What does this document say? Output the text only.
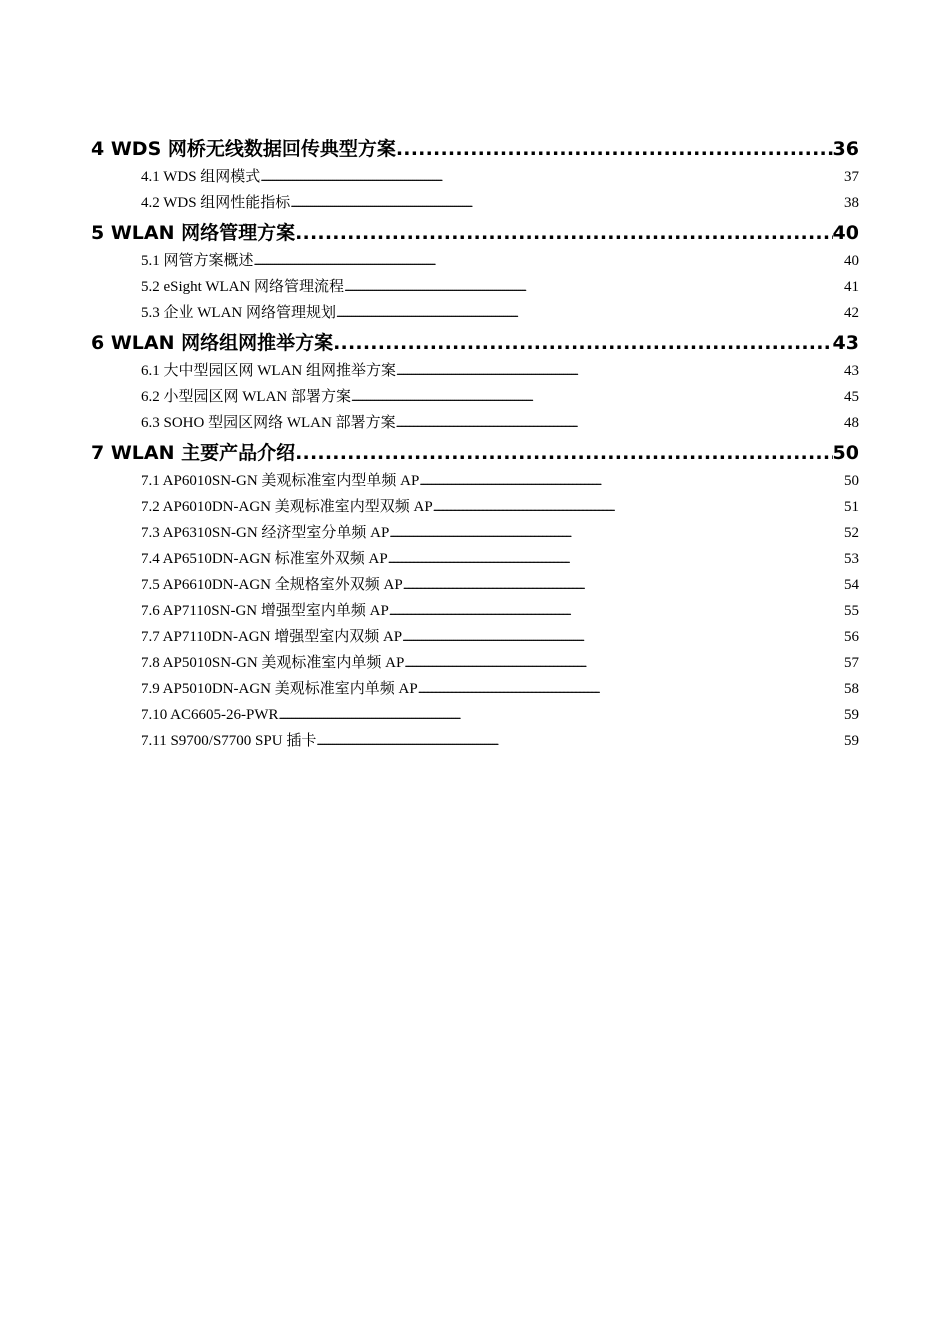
4 WDS 网桥无线数据回传典型方案 . . .	36
4.1 WDS 组网模式 . . .	37
4.2 WDS 组网性能指标 . . .	38
5 WLAN 网络管理方案 . . .	40
5.1 网管方案概述 . . .	40
5.2 eSight WLAN 网络管理流程 . . .	41
5.3 企业 WLAN 网络管理规划 . . .	42
6 WLAN 网络组网推举方案 . . .	43
6.1 大中型园区网 WLAN 组网推举方案 . . .	43
6.2 小型园区网 WLAN 部署方案 . . .	45
6.3 SOHO 型园区网络 WLAN 部署方案 . . .	48
7 WLAN 主要产品介绍 . . .	50
7.1 AP6010SN-GN 美观标准室内型单频 AP . . .	50
7.2 AP6010DN-AGN 美观标准室内型双频 AP . . .	51
7.3 AP6310SN-GN 经济型室分单频 AP . . .	52
7.4 AP6510DN-AGN 标准室外双频 AP . . .	53
7.5 AP6610DN-AGN 全规格室外双频 AP . . .	54
7.6 AP7110SN-GN 增强型室内单频 AP . . .	55
7.7 AP7110DN-AGN 增强型室内双频 AP . . .	56
7.8 AP5010SN-GN 美观标准室内单频 AP . . .	57
7.9 AP5010DN-AGN 美观标准室内单频 AP . . .	58
7.10 AC6605-26-PWR . . .	59
7.11 S9700/S7700 SPU 插卡 . . .	59
